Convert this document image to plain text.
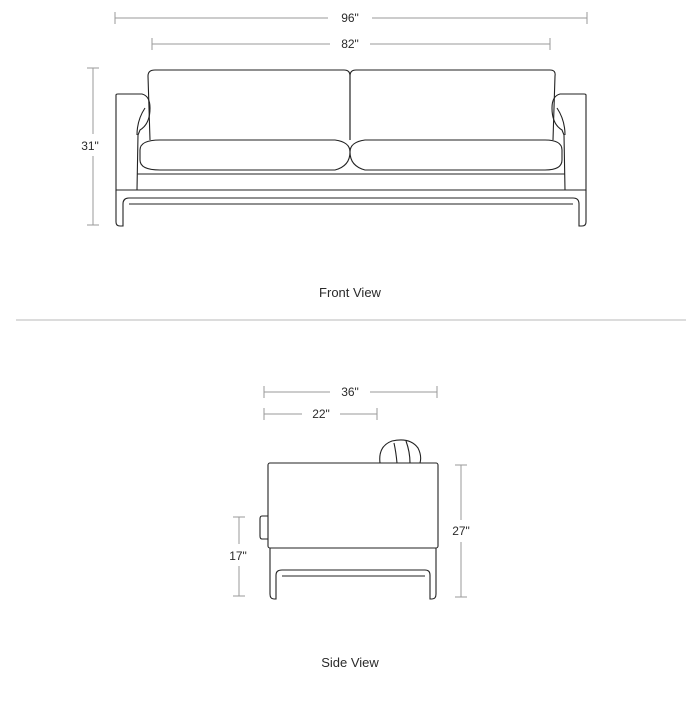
96"
82"
31"
Front View
36"
22"
17"
27"
Side View
